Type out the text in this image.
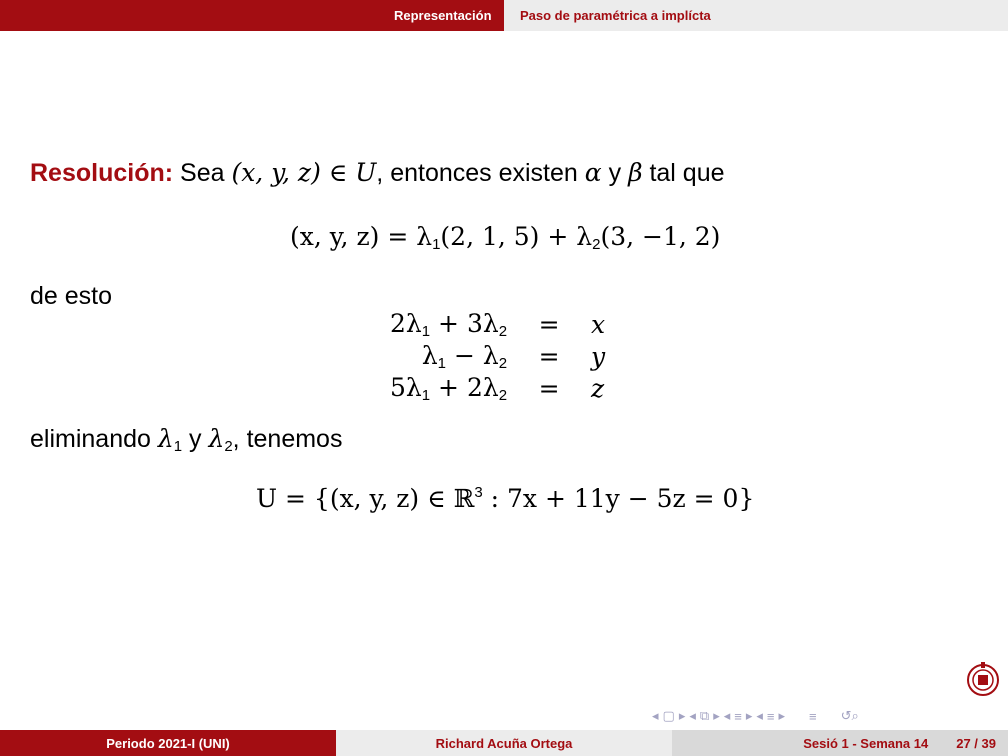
Representación	Paso de paramétrica a implícta
Resolución: Sea (x, y, z) ∈ U, entonces existen α y β tal que
(x, y, $z) = \lambda_1(2$, 1, $5) + \lambda_2(3$, −1, 2)
de esto
$2\lambda_1 + 3\lambda_2$	=	x
$\lambda_1 - \lambda_2$	=	y
$5\lambda_1 + 2\lambda_2$	=	z
eliminando $\lambda_1$ y $\lambda_2$, tenemos
U = {(x, y, z) ∈ ℝ$^3$ : 7x + 11y − 5z = 0}
◂ ▢ ▸ ◂ ⧉ ▸ ◂ ≡ ▸ ◂ ≡ ▸ ≡ ↺⌕
Periodo 2021-I (UNI)	Richard Acuña Ortega	Sesió 1 - Semana 14 27 / 39
